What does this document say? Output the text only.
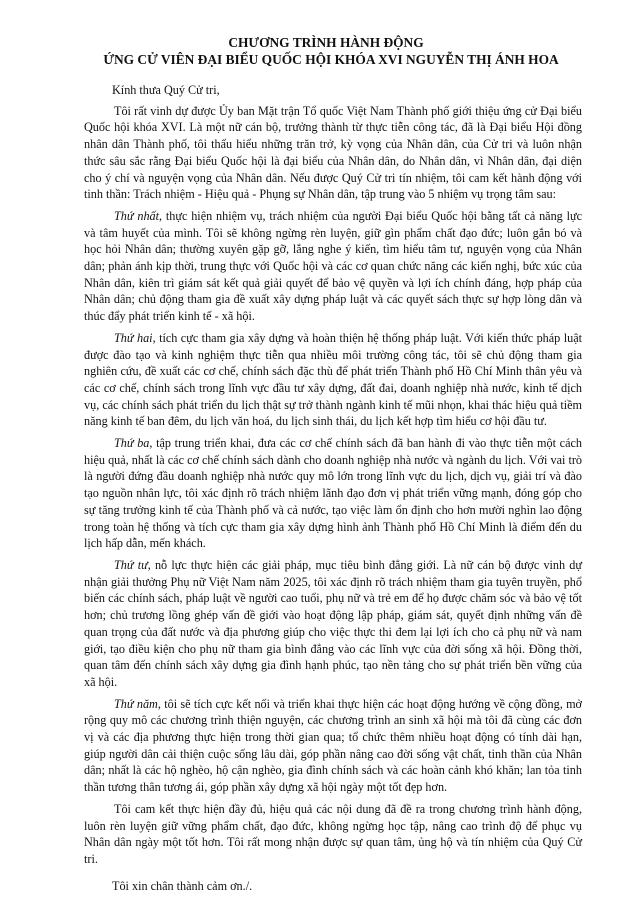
CHƯƠNG TRÌNH HÀNH ĐỘNG
ỨNG CỬ VIÊN ĐẠI BIỂU QUỐC HỘI KHÓA XVI NGUYỄN THỊ ÁNH HOA
Kính thưa Quý Cử tri,

Tôi rất vinh dự được Ủy ban Mặt trận Tổ quốc Việt Nam Thành phố giới thiệu ứng cử Đại biểu Quốc hội khóa XVI. Là một nữ cán bộ, trưởng thành từ thực tiễn công tác, đã là Đại biểu Hội đồng nhân dân Thành phố, tôi thấu hiểu những trăn trở, kỳ vọng của Nhân dân, của Cử tri và luôn nhận thức sâu sắc rằng Đại biểu Quốc hội là đại biểu của Nhân dân, do Nhân dân, vì Nhân dân, đại diện cho ý chí và nguyện vọng của Nhân dân. Nếu được Quý Cử tri tín nhiệm, tôi cam kết hành động với tinh thần: Trách nhiệm - Hiệu quả - Phụng sự Nhân dân, tập trung vào 5 nhiệm vụ trọng tâm sau:

Thứ nhất, thực hiện nhiệm vụ, trách nhiệm của người Đại biểu Quốc hội bằng tất cả năng lực và tâm huyết của mình. Tôi sẽ không ngừng rèn luyện, giữ gìn phẩm chất đạo đức; luôn gắn bó và học hỏi Nhân dân; thường xuyên gặp gỡ, lắng nghe ý kiến, tìm hiểu tâm tư, nguyện vọng của Nhân dân; phản ánh kịp thời, trung thực với Quốc hội và các cơ quan chức năng các kiến nghị, bức xúc của Nhân dân, kiên trì giám sát kết quả giải quyết để bảo vệ quyền và lợi ích chính đáng, hợp pháp của Nhân dân; chủ động tham gia đề xuất xây dựng pháp luật và các quyết sách thực sự hợp lòng dân và thúc đẩy phát triển kinh tế - xã hội.

Thứ hai, tích cực tham gia xây dựng và hoàn thiện hệ thống pháp luật. Với kiến thức pháp luật được đào tạo và kinh nghiệm thực tiễn qua nhiều môi trường công tác, tôi sẽ chủ động tham gia nghiên cứu, đề xuất các cơ chế, chính sách đặc thù để phát triển Thành phố Hồ Chí Minh thân yêu và các cơ chế, chính sách trong lĩnh vực đầu tư xây dựng, đất đai, doanh nghiệp nhà nước, kinh tế dịch vụ, các chính sách phát triển du lịch thật sự trở thành ngành kinh tế mũi nhọn, khai thác hiệu quả tiềm năng kinh tế ban đêm, du lịch văn hoá, du lịch sinh thái, du lịch kết hợp tìm hiểu cơ hội đầu tư.

Thứ ba, tập trung triển khai, đưa các cơ chế chính sách đã ban hành đi vào thực tiễn một cách hiệu quả, nhất là các cơ chế chính sách dành cho doanh nghiệp nhà nước và ngành du lịch. Với vai trò là người đứng đầu doanh nghiệp nhà nước quy mô lớn trong lĩnh vực du lịch, dịch vụ, giải trí và đào tạo nguồn nhân lực, tôi xác định rõ trách nhiệm lãnh đạo đơn vị phát triển vững mạnh, đóng góp cho sự tăng trưởng kinh tế của Thành phố và cả nước, tạo việc làm ổn định cho hơn mười nghìn lao động trong toàn hệ thống và tích cực tham gia xây dựng hình ảnh Thành phố Hồ Chí Minh là điểm đến du lịch hấp dẫn, mến khách.

Thứ tư, nỗ lực thực hiện các giải pháp, mục tiêu bình đẳng giới. Là nữ cán bộ được vinh dự nhận giải thưởng Phụ nữ Việt Nam năm 2025, tôi xác định rõ trách nhiệm tham gia tuyên truyền, phổ biến các chính sách, pháp luật về người cao tuổi, phụ nữ và trẻ em để họ được chăm sóc và bảo vệ tốt hơn; chủ trương lồng ghép vấn đề giới vào hoạt động lập pháp, giám sát, quyết định những vấn đề quan trọng của đất nước và địa phương giúp cho việc thực thi đem lại lợi ích cho cả phụ nữ và nam giới, tạo điều kiện cho phụ nữ tham gia bình đẳng vào các lĩnh vực của đời sống xã hội. Đồng thời, quan tâm đến chính sách xây dựng gia đình hạnh phúc, tạo nền tảng cho sự phát triển bền vững của xã hội.

Thứ năm, tôi sẽ tích cực kết nối và triển khai thực hiện các hoạt động hướng về cộng đồng, mở rộng quy mô các chương trình thiện nguyện, các chương trình an sinh xã hội mà tôi đã cùng các đơn vị và các địa phương thực hiện trong thời gian qua; tổ chức thêm nhiều hoạt động có tính dài hạn, giúp người dân cải thiện cuộc sống lâu dài, góp phần nâng cao đời sống vật chất, tinh thần của Nhân dân; nhất là các hộ nghèo, hộ cận nghèo, gia đình chính sách và các hoàn cảnh khó khăn; lan tỏa tinh thần tương thân tương ái, góp phần xây dựng xã hội ngày một tốt đẹp hơn.

Tôi cam kết thực hiện đầy đủ, hiệu quả các nội dung đã đề ra trong chương trình hành động, luôn rèn luyện giữ vững phẩm chất, đạo đức, không ngừng học tập, nâng cao trình độ để phục vụ Nhân dân ngày một tốt hơn. Tôi rất mong nhận được sự quan tâm, ủng hộ và tín nhiệm của Quý Cử tri.

Tôi xin chân thành cảm ơn./.
